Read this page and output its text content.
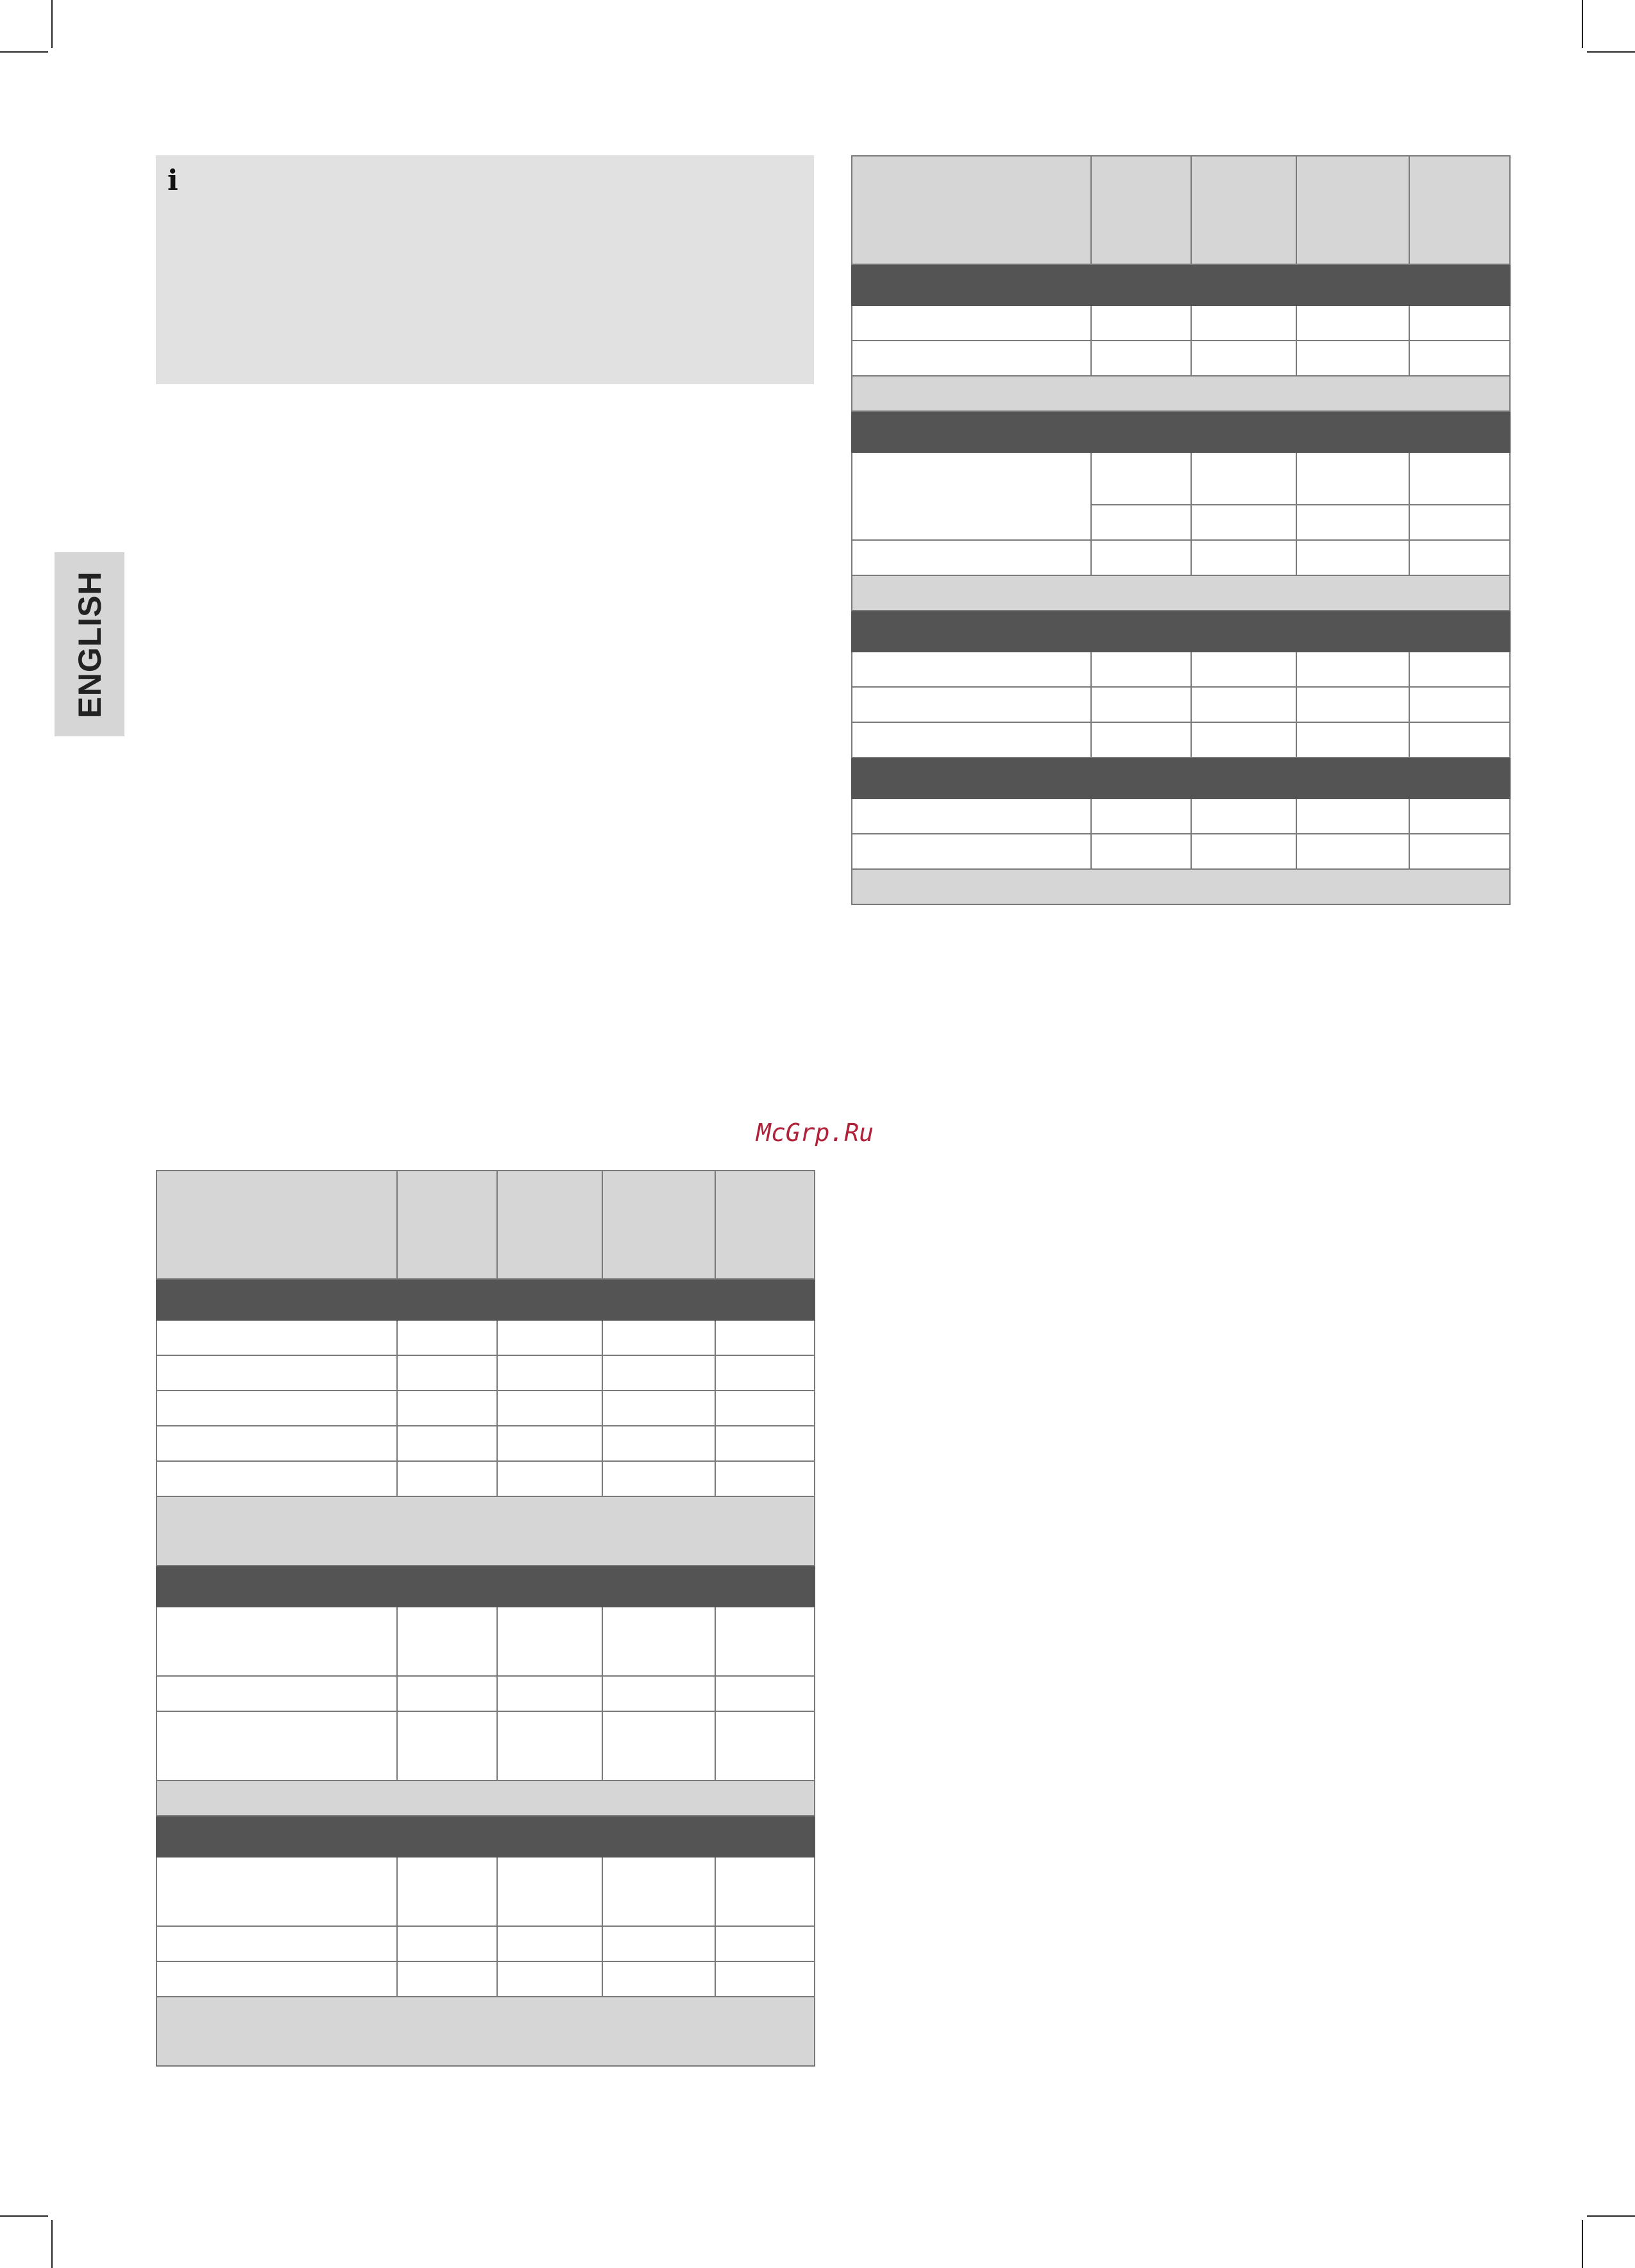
i
ENGLISH
McGrp.Ru
